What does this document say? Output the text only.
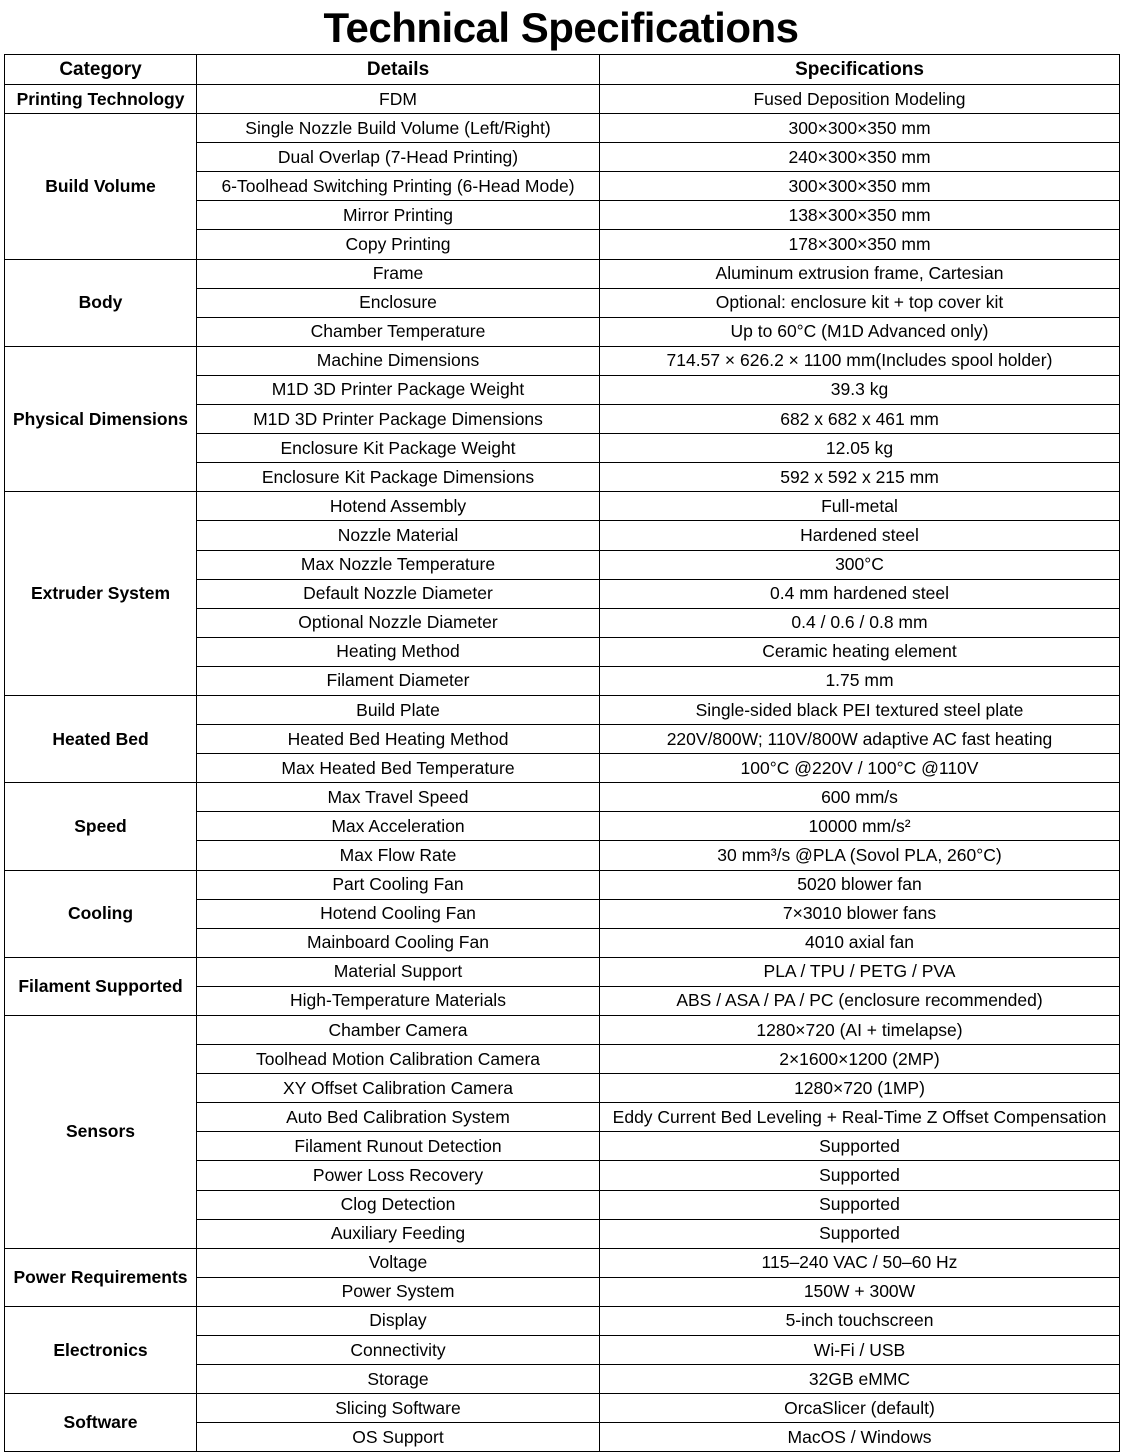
Technical Specifications
Category	Details	Specifications
Printing Technology	FDM	Fused Deposition Modeling
Build Volume	Single Nozzle Build Volume (Left/Right)	300×300×350 mm
	Dual Overlap (7-Head Printing)	240×300×350 mm
	6-Toolhead Switching Printing (6-Head Mode)	300×300×350 mm
	Mirror Printing	138×300×350 mm
	Copy Printing	178×300×350 mm
Body	Frame	Aluminum extrusion frame, Cartesian
	Enclosure	Optional: enclosure kit + top cover kit
	Chamber Temperature	Up to 60°C (M1D Advanced only)
Physical Dimensions	Machine Dimensions	714.57 × 626.2 × 1100 mm(Includes spool holder)
	M1D 3D Printer Package Weight	39.3 kg
	M1D 3D Printer Package Dimensions	682 x 682 x 461 mm
	Enclosure Kit Package Weight	12.05 kg
	Enclosure Kit Package Dimensions	592 x 592 x 215 mm
Extruder System	Hotend Assembly	Full-metal
	Nozzle Material	Hardened steel
	Max Nozzle Temperature	300°C
	Default Nozzle Diameter	0.4 mm hardened steel
	Optional Nozzle Diameter	0.4 / 0.6 / 0.8 mm
	Heating Method	Ceramic heating element
	Filament Diameter	1.75 mm
Heated Bed	Build Plate	Single-sided black PEI textured steel plate
	Heated Bed Heating Method	220V/800W; 110V/800W adaptive AC fast heating
	Max Heated Bed Temperature	100°C @220V / 100°C @110V
Speed	Max Travel Speed	600 mm/s
	Max Acceleration	10000 mm/s²
	Max Flow Rate	30 mm³/s @PLA (Sovol PLA, 260°C)
Cooling	Part Cooling Fan	5020 blower fan
	Hotend Cooling Fan	7×3010 blower fans
	Mainboard Cooling Fan	4010 axial fan
Filament Supported	Material Support	PLA / TPU / PETG / PVA
	High-Temperature Materials	ABS / ASA / PA / PC (enclosure recommended)
Sensors	Chamber Camera	1280×720 (AI + timelapse)
	Toolhead Motion Calibration Camera	2×1600×1200 (2MP)
	XY Offset Calibration Camera	1280×720 (1MP)
	Auto Bed Calibration System	Eddy Current Bed Leveling + Real-Time Z Offset Compensation
	Filament Runout Detection	Supported
	Power Loss Recovery	Supported
	Clog Detection	Supported
	Auxiliary Feeding	Supported
Power Requirements	Voltage	115–240 VAC / 50–60 Hz
	Power System	150W + 300W
Electronics	Display	5-inch touchscreen
	Connectivity	Wi-Fi / USB
	Storage	32GB eMMC
Software	Slicing Software	OrcaSlicer (default)
	OS Support	MacOS / Windows
